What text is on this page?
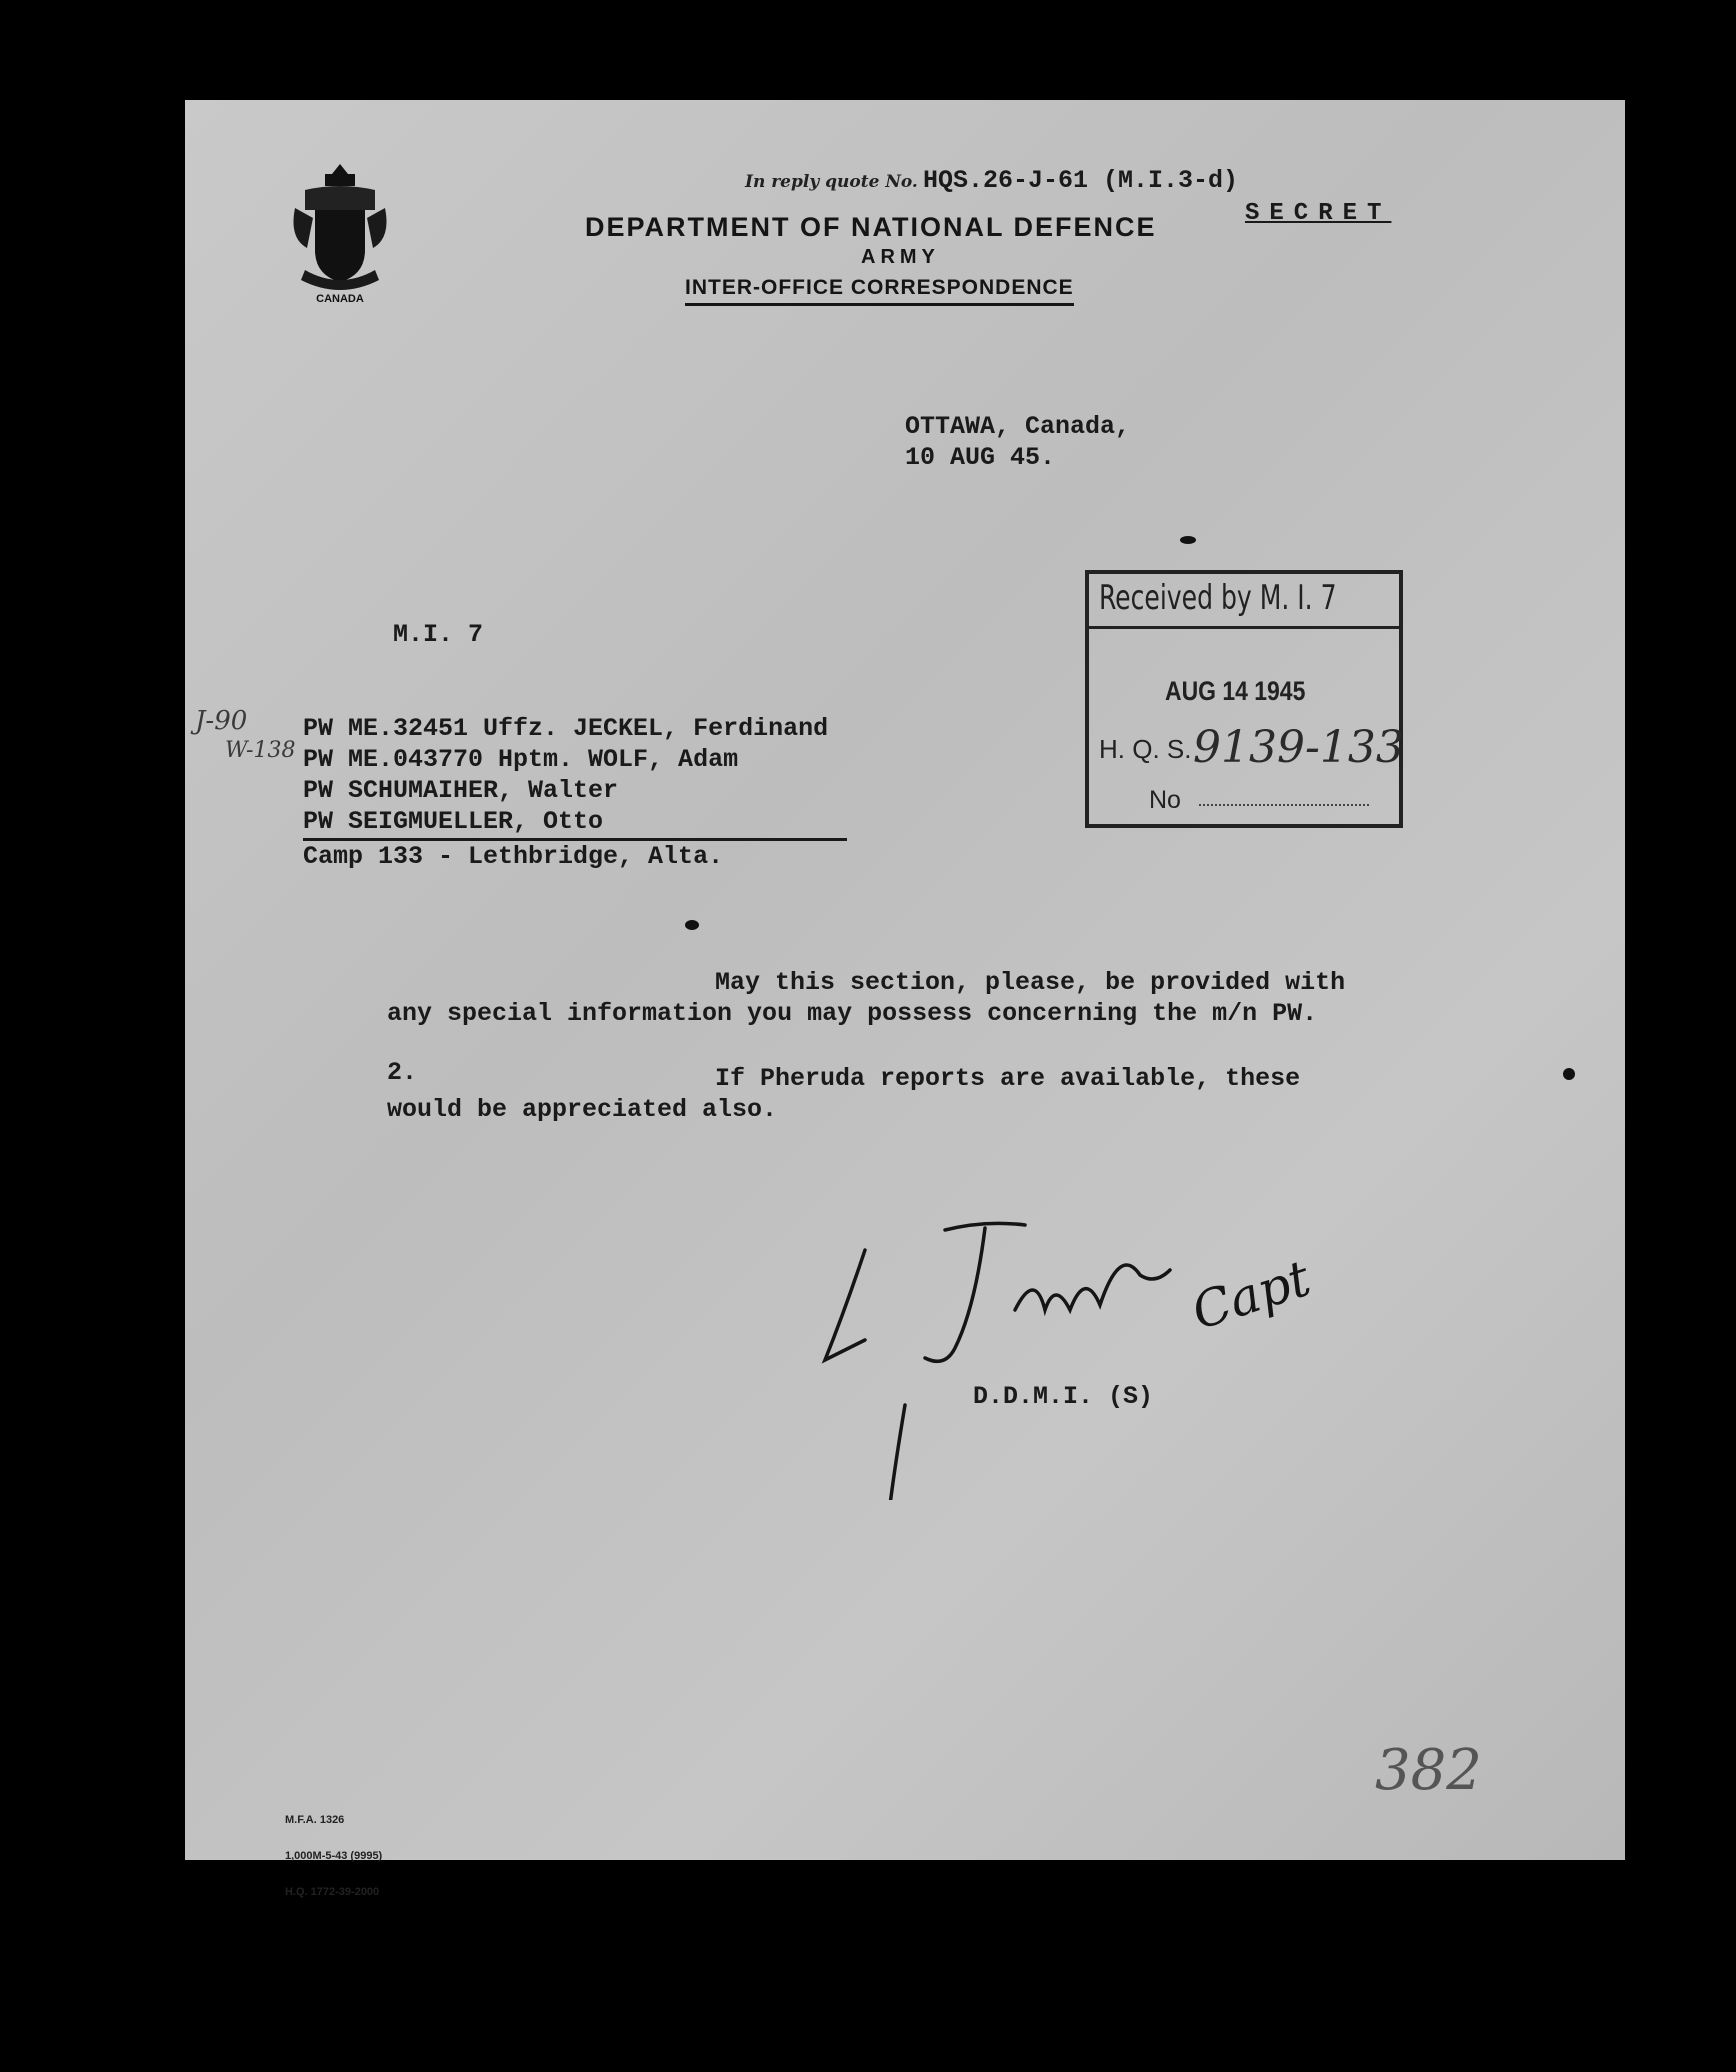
CANADA
In reply quote No. HQS.26-J-61 (M.I.3-d)
DEPARTMENT OF NATIONAL DEFENCE	SECRET
ARMY
INTER-OFFICE CORRESPONDENCE
OTTAWA, Canada,
10 AUG 45.
Received by M. I. 7
AUG 14 1945
H. Q. S. 9139-133
No
M.I. 7
J-90
W-138
PW ME.32451 Uffz. JECKEL, Ferdinand
PW ME.043770 Hptm. WOLF, Adam
PW SCHUMAIHER, Walter
PW SEIGMUELLER, Otto
Camp 133 - Lethbridge, Alta.
May this section, please, be provided with
any special information you may possess concerning the m/n PW.
2.	If Pheruda reports are available, these
would be appreciated also.
Capt
D.D.M.I. (S)
382

M.F.A. 1326

1,000M-5-43 (9995)

H.Q. 1772-39-2000
